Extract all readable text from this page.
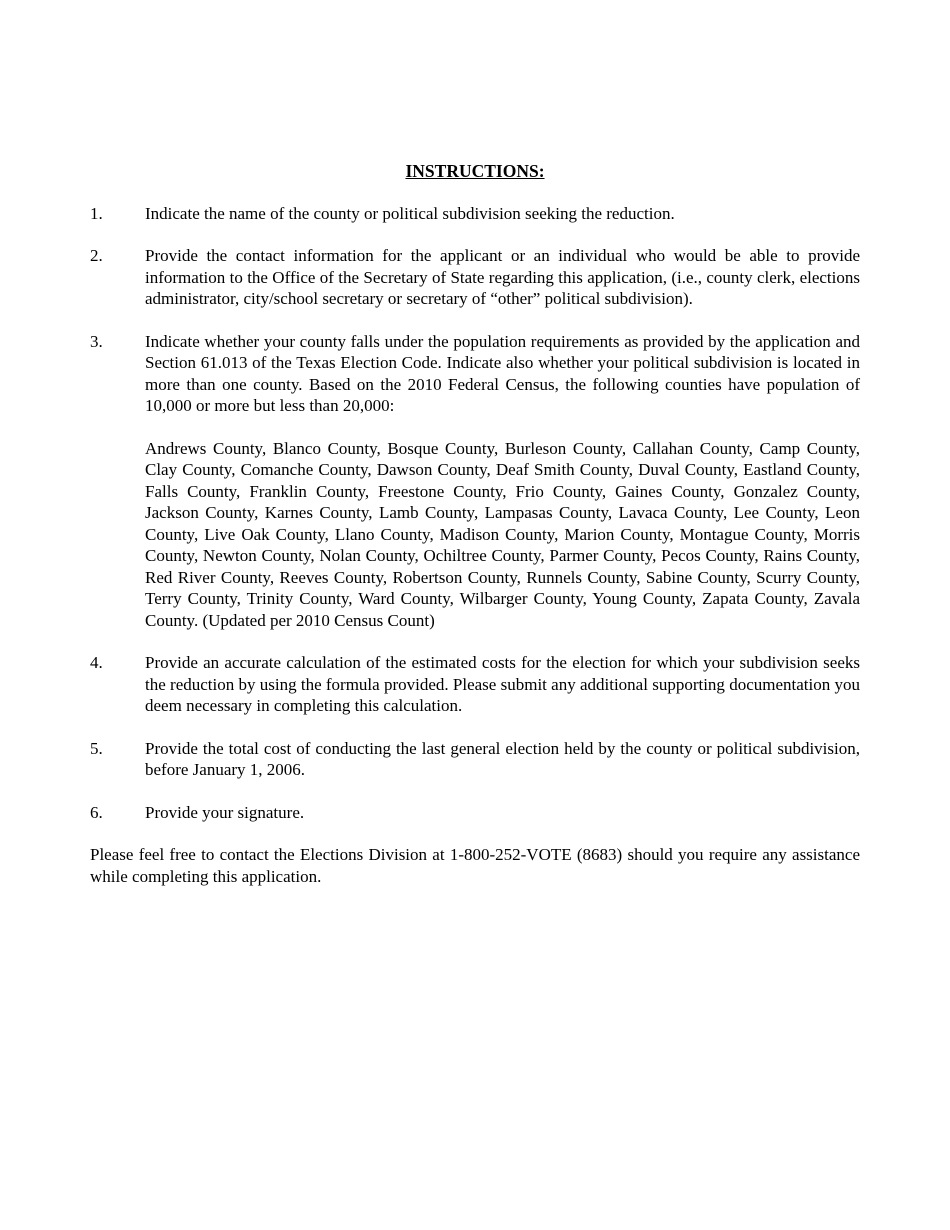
INSTRUCTIONS:
1. Indicate the name of the county or political subdivision seeking the reduction.

2. Provide the contact information for the applicant or an individual who would be able to provide information to the Office of the Secretary of State regarding this application, (i.e., county clerk, elections administrator, city/school secretary or secretary of “other” political subdivision).

3. Indicate whether your county falls under the population requirements as provided by the application and Section 61.013 of the Texas Election Code. Indicate also whether your political subdivision is located in more than one county. Based on the 2010 Federal Census, the following counties have population of 10,000 or more but less than 20,000:

Andrews County, Blanco County, Bosque County, Burleson County, Callahan County, Camp County, Clay County, Comanche County, Dawson County, Deaf Smith County, Duval County, Eastland County, Falls County, Franklin County, Freestone County, Frio County, Gaines County, Gonzalez County, Jackson County, Karnes County, Lamb County, Lampasas County, Lavaca County, Lee County, Leon County, Live Oak County, Llano County, Madison County, Marion County, Montague County, Morris County, Newton County, Nolan County, Ochiltree County, Parmer County, Pecos County, Rains County, Red River County, Reeves County, Robertson County, Runnels County, Sabine County, Scurry County, Terry County, Trinity County, Ward County, Wilbarger County, Young County, Zapata County, Zavala County. (Updated per 2010 Census Count)

4. Provide an accurate calculation of the estimated costs for the election for which your subdivision seeks the reduction by using the formula provided. Please submit any additional supporting documentation you deem necessary in completing this calculation.

5. Provide the total cost of conducting the last general election held by the county or political subdivision, before January 1, 2006.

6. Provide your signature.

Please feel free to contact the Elections Division at 1-800-252-VOTE (8683) should you require any assistance while completing this application.
